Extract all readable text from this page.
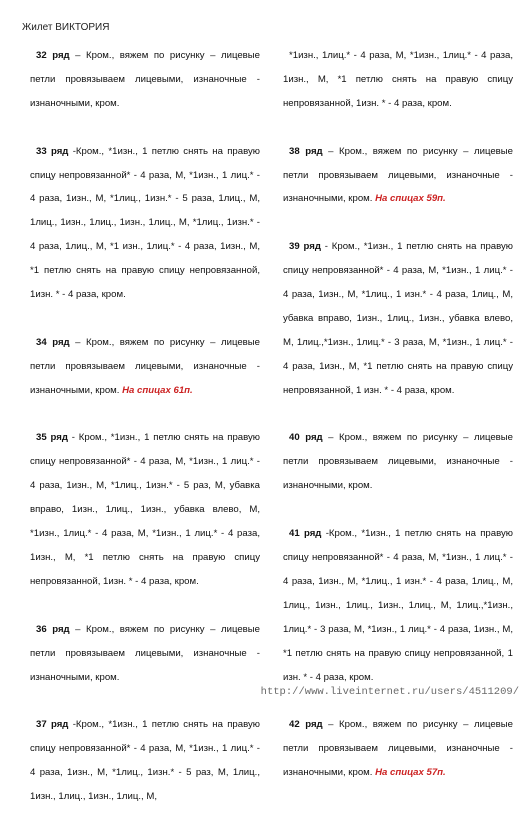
Жилет ВИКТОРИЯ

32 ряд – Кром., вяжем по рисунку – лицевые петли провязываем лицевыми, изнаночные - изнаночными, кром.

33 ряд -Кром., *1изн., 1 петлю снять на правую спицу непровязанной* - 4 раза, М, *1изн., 1 лиц.* - 4 раза, 1изн., М, *1лиц., 1изн.* - 5 раза, 1лиц., М, 1лиц., 1изн., 1лиц., 1изн., 1лиц., М, *1лиц., 1изн.* - 4 раза, 1лиц., М, *1 изн., 1лиц.* - 4 раза, 1изн., М, *1 петлю снять на правую спицу непровязанной, 1изн. * - 4 раза, кром.

34 ряд – Кром., вяжем по рисунку – лицевые петли провязываем лицевыми, изнаночные - изнаночными, кром. На спицах 61п.

35 ряд - Кром., *1изн., 1 петлю снять на правую спицу непровязанной* - 4 раза, М, *1изн., 1 лиц.* - 4 раза, 1изн., М, *1лиц., 1изн.* - 5 раз, М, убавка вправо, 1изн., 1лиц., 1изн., убавка влево, М, *1изн., 1лиц.* - 4 раза, М, *1изн., 1 лиц.* - 4 раза, 1изн., М, *1 петлю снять на правую спицу непровязанной, 1изн. * - 4 раза, кром.

36 ряд – Кром., вяжем по рисунку – лицевые петли провязываем лицевыми, изнаночные - изнаночными, кром.

37 ряд -Кром., *1изн., 1 петлю снять на правую спицу непровязанной* - 4 раза, М, *1изн., 1 лиц.* - 4 раза, 1изн., М, *1лиц., 1изн.* - 5 раз, М, 1лиц., 1изн., 1лиц., 1изн., 1лиц., М,

*1изн., 1лиц.* - 4 раза, М, *1изн., 1лиц.* - 4 раза, 1изн., М, *1 петлю снять на правую спицу непровязанной, 1изн. * - 4 раза, кром.

38 ряд – Кром., вяжем по рисунку – лицевые петли провязываем лицевыми, изнаночные - изнаночными, кром. На спицах 59п.

39 ряд - Кром., *1изн., 1 петлю снять на правую спицу непровязанной* - 4 раза, М, *1изн., 1 лиц.* - 4 раза, 1изн., М, *1лиц., 1 изн.* - 4 раза, 1лиц., М, убавка вправо, 1изн., 1лиц., 1изн., убавка влево, М, 1лиц.,*1изн., 1лиц.* - 3 раза, М, *1изн., 1 лиц.* - 4 раза, 1изн., М, *1 петлю снять на правую спицу непровязанной, 1 изн. * - 4 раза, кром.

40 ряд – Кром., вяжем по рисунку – лицевые петли провязываем лицевыми, изнаночные - изнаночными, кром.

41 ряд -Кром., *1изн., 1 петлю снять на правую спицу непровязанной* - 4 раза, М, *1изн., 1 лиц.* - 4 раза, 1изн., М, *1лиц., 1 изн.* - 4 раза, 1лиц., М, 1лиц., 1изн., 1лиц., 1изн., 1лиц., М, 1лиц.,*1изн., 1лиц.* - 3 раза, М, *1изн., 1 лиц.* - 4 раза, 1изн., М, *1 петлю снять на правую спицу непровязанной, 1 изн. * - 4 раза, кром.

42 ряд – Кром., вяжем по рисунку – лицевые петли провязываем лицевыми, изнаночные - изнаночными, кром. На спицах 57п.

http://www.liveinternet.ru/users/4511209/
